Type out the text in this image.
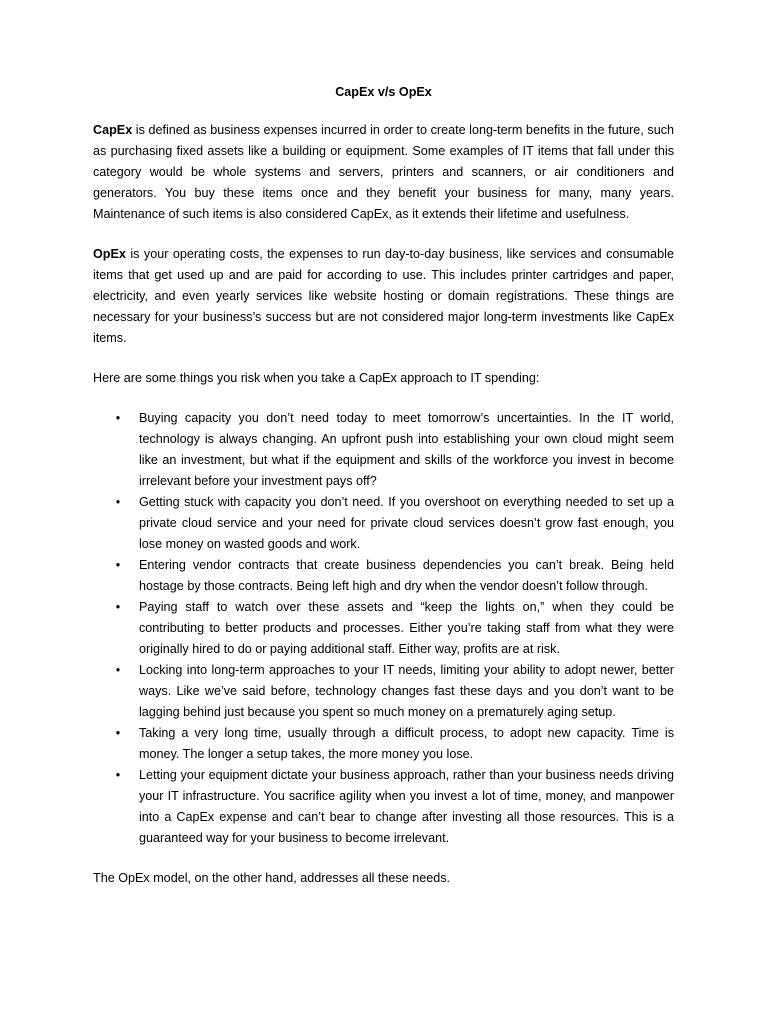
CapEx v/s OpEx

CapEx is defined as business expenses incurred in order to create long-term benefits in the future, such as purchasing fixed assets like a building or equipment. Some examples of IT items that fall under this category would be whole systems and servers, printers and scanners, or air conditioners and generators. You buy these items once and they benefit your business for many, many years. Maintenance of such items is also considered CapEx, as it extends their lifetime and usefulness.

OpEx is your operating costs, the expenses to run day-to-day business, like services and consumable items that get used up and are paid for according to use. This includes printer cartridges and paper, electricity, and even yearly services like website hosting or domain registrations. These things are necessary for your business’s success but are not considered major long-term investments like CapEx items.

Here are some things you risk when you take a CapEx approach to IT spending:

• Buying capacity you don’t need today to meet tomorrow’s uncertainties. In the IT world, technology is always changing. An upfront push into establishing your own cloud might seem like an investment, but what if the equipment and skills of the workforce you invest in become irrelevant before your investment pays off?
• Getting stuck with capacity you don’t need. If you overshoot on everything needed to set up a private cloud service and your need for private cloud services doesn’t grow fast enough, you lose money on wasted goods and work.
• Entering vendor contracts that create business dependencies you can’t break. Being held hostage by those contracts. Being left high and dry when the vendor doesn’t follow through.
• Paying staff to watch over these assets and “keep the lights on,” when they could be contributing to better products and processes. Either you’re taking staff from what they were originally hired to do or paying additional staff. Either way, profits are at risk.
• Locking into long-term approaches to your IT needs, limiting your ability to adopt newer, better ways. Like we’ve said before, technology changes fast these days and you don’t want to be lagging behind just because you spent so much money on a prematurely aging setup.
• Taking a very long time, usually through a difficult process, to adopt new capacity. Time is money. The longer a setup takes, the more money you lose.
• Letting your equipment dictate your business approach, rather than your business needs driving your IT infrastructure. You sacrifice agility when you invest a lot of time, money, and manpower into a CapEx expense and can’t bear to change after investing all those resources. This is a guaranteed way for your business to become irrelevant.

The OpEx model, on the other hand, addresses all these needs.
